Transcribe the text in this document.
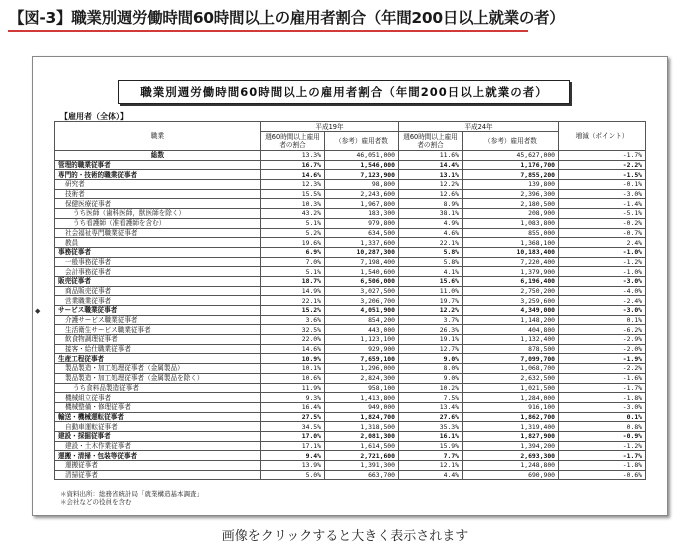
【図-3】職業別週労働時間60時間以上の雇用者割合（年間200日以上就業の者）
職業別週労働時間60時間以上の雇用者割合（年間200日以上就業の者）
【雇用者（全体）】
◆
職業	平成19年		平成24年		増減（ポイント）
	週60時間以上雇用者の割合	（参考）雇用者数	週60時間以上雇用者の割合	（参考）雇用者数	
総数	13.3%	46,051,000	11.6%	45,627,000	-1.7%
管理的職業従事者	16.7%	1,546,000	14.4%	1,176,700	-2.2%
専門的・技術的職業従事者	14.6%	7,123,900	13.1%	7,855,200	-1.5%
研究者	12.3%	98,800	12.2%	139,800	-0.1%
技術者	15.5%	2,243,600	12.6%	2,396,300	-3.0%
保健医療従事者	10.3%	1,967,800	8.9%	2,180,500	-1.4%
うち医師（歯科医師，獣医師を除く）	43.2%	183,300	38.1%	208,900	-5.1%
うち看護師（准看護師を含む）	5.1%	979,800	4.9%	1,083,800	-0.2%
社会福祉専門職業従事者	5.2%	634,500	4.6%	855,000	-0.7%
教員	19.6%	1,337,600	22.1%	1,368,100	2.4%
事務従事者	6.9%	10,287,300	5.8%	10,183,400	-1.0%
一般事務従事者	7.0%	7,198,400	5.8%	7,220,400	-1.2%
会計事務従事者	5.1%	1,540,600	4.1%	1,379,900	-1.0%
販売従事者	18.7%	6,506,000	15.6%	6,196,400	-3.0%
商品販売従事者	14.9%	3,027,500	11.0%	2,750,200	-4.0%
営業職業従事者	22.1%	3,206,700	19.7%	3,259,600	-2.4%
サービス職業従事者	15.2%	4,051,900	12.2%	4,349,000	-3.0%
介護サービス職業従事者	3.6%	854,200	3.7%	1,148,200	0.1%
生活衛生サービス職業従事者	32.5%	443,000	26.3%	404,800	-6.2%
飲食物調理従事者	22.0%	1,123,100	19.1%	1,132,400	-2.9%
接客・給仕職業従事者	14.6%	929,900	12.7%	878,500	-2.0%
生産工程従事者	10.9%	7,659,100	9.0%	7,099,700	-1.9%
製品製造・加工処理従事者（金属製品）	10.1%	1,296,000	8.0%	1,068,700	-2.2%
製品製造・加工処理従事者（金属製品を除く）	10.6%	2,824,300	9.0%	2,632,500	-1.6%
うち食料品製造従事者	11.9%	958,100	10.2%	1,021,500	-1.7%
機械組立従事者	9.3%	1,413,800	7.5%	1,284,000	-1.8%
機械整備・修理従事者	16.4%	949,000	13.4%	916,100	-3.0%
輸送・機械運転従事者	27.5%	1,824,700	27.6%	1,862,700	0.1%
自動車運転従事者	34.5%	1,318,500	35.3%	1,319,400	0.8%
建設・採掘従事者	17.0%	2,081,300	16.1%	1,827,900	-0.9%
建設・土木作業従事者	17.1%	1,614,500	15.9%	1,394,200	-1.2%
運搬・清掃・包装等従事者	9.4%	2,721,600	7.7%	2,693,300	-1.7%
運搬従事者	13.9%	1,391,300	12.1%	1,248,800	-1.8%
清掃従事者	5.0%	663,700	4.4%	690,900	-0.6%
＊資料出所：総務省統計局「就業構造基本調査」
＊会社などの役員を含む
画像をクリックすると大きく表示されます
